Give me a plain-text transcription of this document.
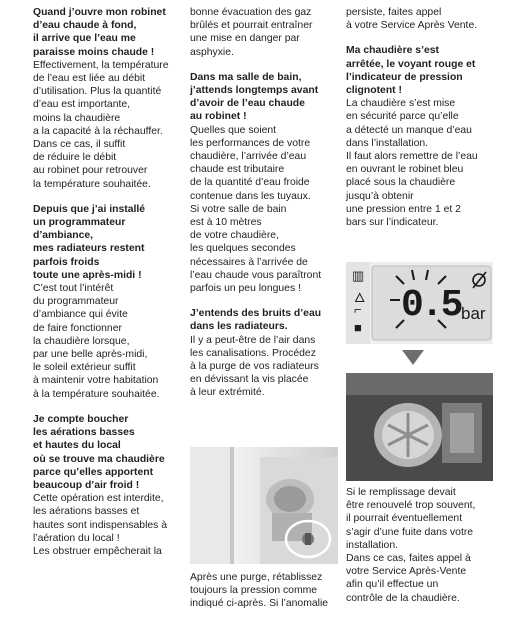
Quand j’ouvre mon robinet
d’eau chaude à fond,
il arrive que l’eau me
paraisse moins chaude !
Effectivement, la température
de l’eau est liée au débit
d’utilisation. Plus la quantité
d’eau est importante,
moins la chaudière
a la capacité à la réchauffer.
Dans ce cas, il suffit
de réduire le débit
au robinet pour retrouver
la température souhaitée.
Depuis que j’ai installé
un programmateur
d’ambiance,
mes radiateurs restent
parfois froids
toute une après-midi !
C’est tout l’intérêt
du programmateur
d’ambiance qui évite
de faire fonctionner
la chaudière lorsque,
par une belle après-midi,
le soleil extérieur suffit
à maintenir votre habitation
à la température souhaitée.
Je compte boucher
les aérations basses
et hautes du local
où se trouve ma chaudière
parce qu’elles apportent
beaucoup d’air froid !
Cette opération est interdite,
les aérations basses et
hautes sont indispensables à
l’aération du local !
Les obstruer empêcherait la
bonne évacuation des gaz
brûlés et pourrait entraîner
une mise en danger par
asphyxie.
Dans ma salle de bain,
j’attends longtemps avant
d’avoir de l’eau chaude
au robinet !
Quelles que soient
les performances de votre
chaudière, l’arrivée d’eau
chaude est tributaire
de la quantité d’eau froide
contenue dans les tuyaux.
Si votre salle de bain
est à 10 mètres
de votre chaudière,
les quelques secondes
nécessaires à l’arrivée de
l’eau chaude vous paraîtront
parfois un peu longues !
J’entends des bruits d’eau
dans les radiateurs.
Il y a peut-être de l’air dans
les canalisations. Procédez
à la purge de vos radiateurs
en dévissant la vis placée
à leur extrémité.
Après une purge, rétablissez
toujours la pression comme
indiqué ci-après. Si l’anomalie
persiste, faites appel
à votre Service Après Vente.
Ma chaudière s’est
arrêtée, le voyant rouge et
l’indicateur de pression
clignotent !
La chaudière s’est mise
en sécurité parce qu’elle
a détecté un manque d’eau
dans l’installation.
Il faut alors remettre de l’eau
en ouvrant le robinet bleu
placé sous la chaudière
jusqu’à obtenir
une pression entre 1 et 2
bars sur l’indicateur.
▥
🜂
⌐
■
0.5 bar
Si le remplissage devait
être renouvelé trop souvent,
il pourrait éventuellement
s’agir d’une fuite dans votre
installation.
Dans ce cas, faites appel à
votre Service Après-Vente
afin qu’il effectue un
contrôle de la chaudière.
